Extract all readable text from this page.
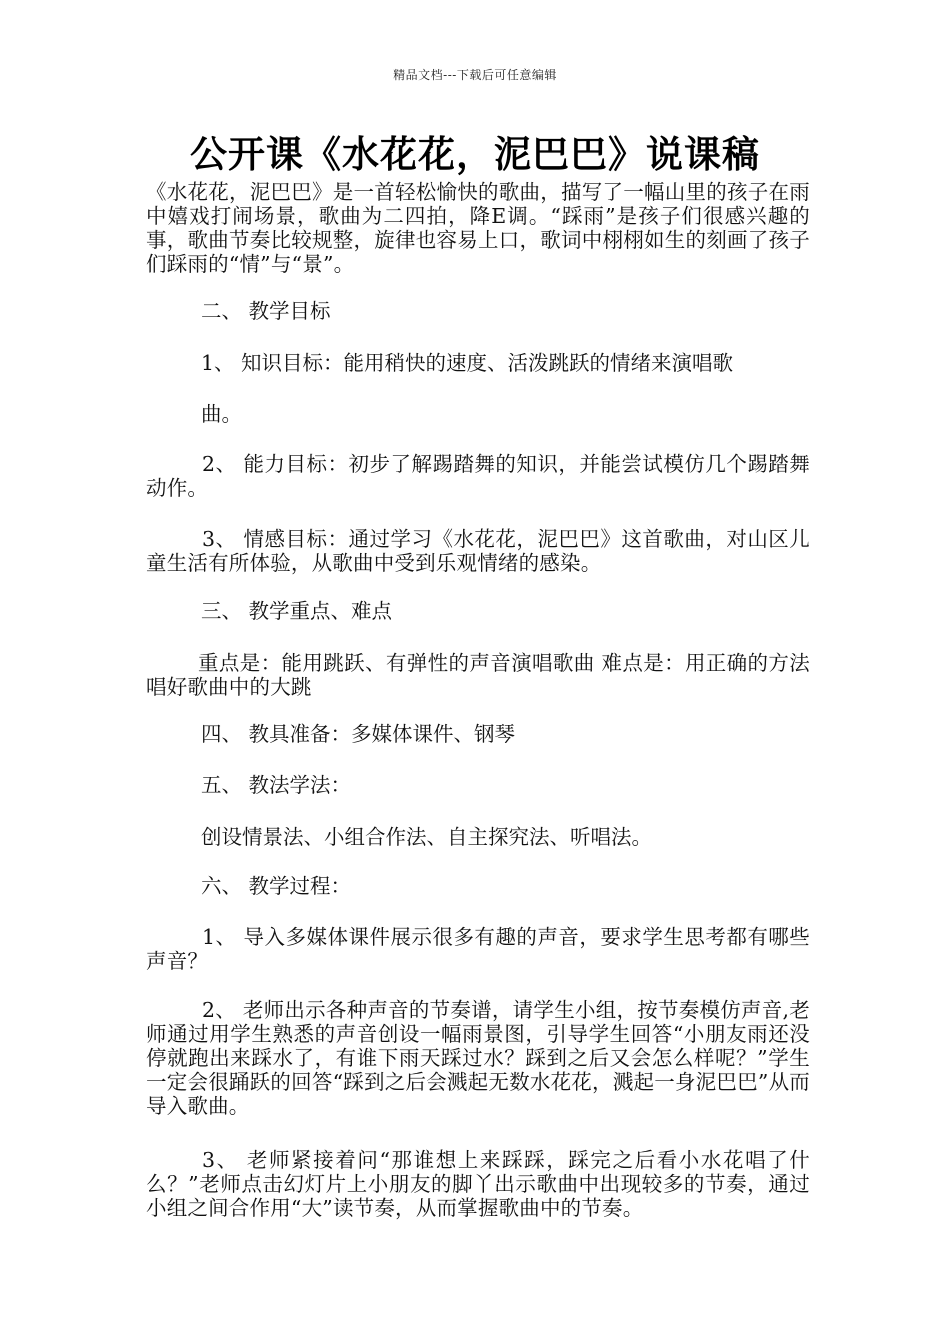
精品文档---下载后可任意编辑
公开课《水花花，泥巴巴》说课稿

《水花花，泥巴巴》是一首轻松愉快的歌曲，描写了一幅山里的孩子在雨中嬉戏打闹场景，歌曲为二四拍，降E调。“踩雨”是孩子们很感兴趣的事，歌曲节奏比较规整，旋律也容易上口，歌词中栩栩如生的刻画了孩子们踩雨的“情”与“景”。

二、 教学目标

1、 知识目标：能用稍快的速度、活泼跳跃的情绪来演唱歌

曲。

2、 能力目标：初步了解踢踏舞的知识，并能尝试模仿几个踢踏舞动作。

3、 情感目标：通过学习《水花花，泥巴巴》这首歌曲，对山区儿童生活有所体验，从歌曲中受到乐观情绪的感染。

三、 教学重点、难点

重点是：能用跳跃、有弹性的声音演唱歌曲 难点是：用正确的方法唱好歌曲中的大跳

四、 教具准备：多媒体课件、钢琴

五、 教法学法：

创设情景法、小组合作法、自主探究法、听唱法。

六、 教学过程：

1、 导入多媒体课件展示很多有趣的声音，要求学生思考都有哪些声音？

2、 老师出示各种声音的节奏谱，请学生小组，按节奏模仿声音,老师通过用学生熟悉的声音创设一幅雨景图，引导学生回答“小朋友雨还没停就跑出来踩水了，有谁下雨天踩过水？踩到之后又会怎么样呢？”学生一定会很踊跃的回答“踩到之后会溅起无数水花花，溅起一身泥巴巴”从而导入歌曲。

3、 老师紧接着问“那谁想上来踩踩，踩完之后看小水花唱了什么？”老师点击幻灯片上小朋友的脚丫出示歌曲中出现较多的节奏，通过小组之间合作用“大”读节奏，从而掌握歌曲中的节奏。
